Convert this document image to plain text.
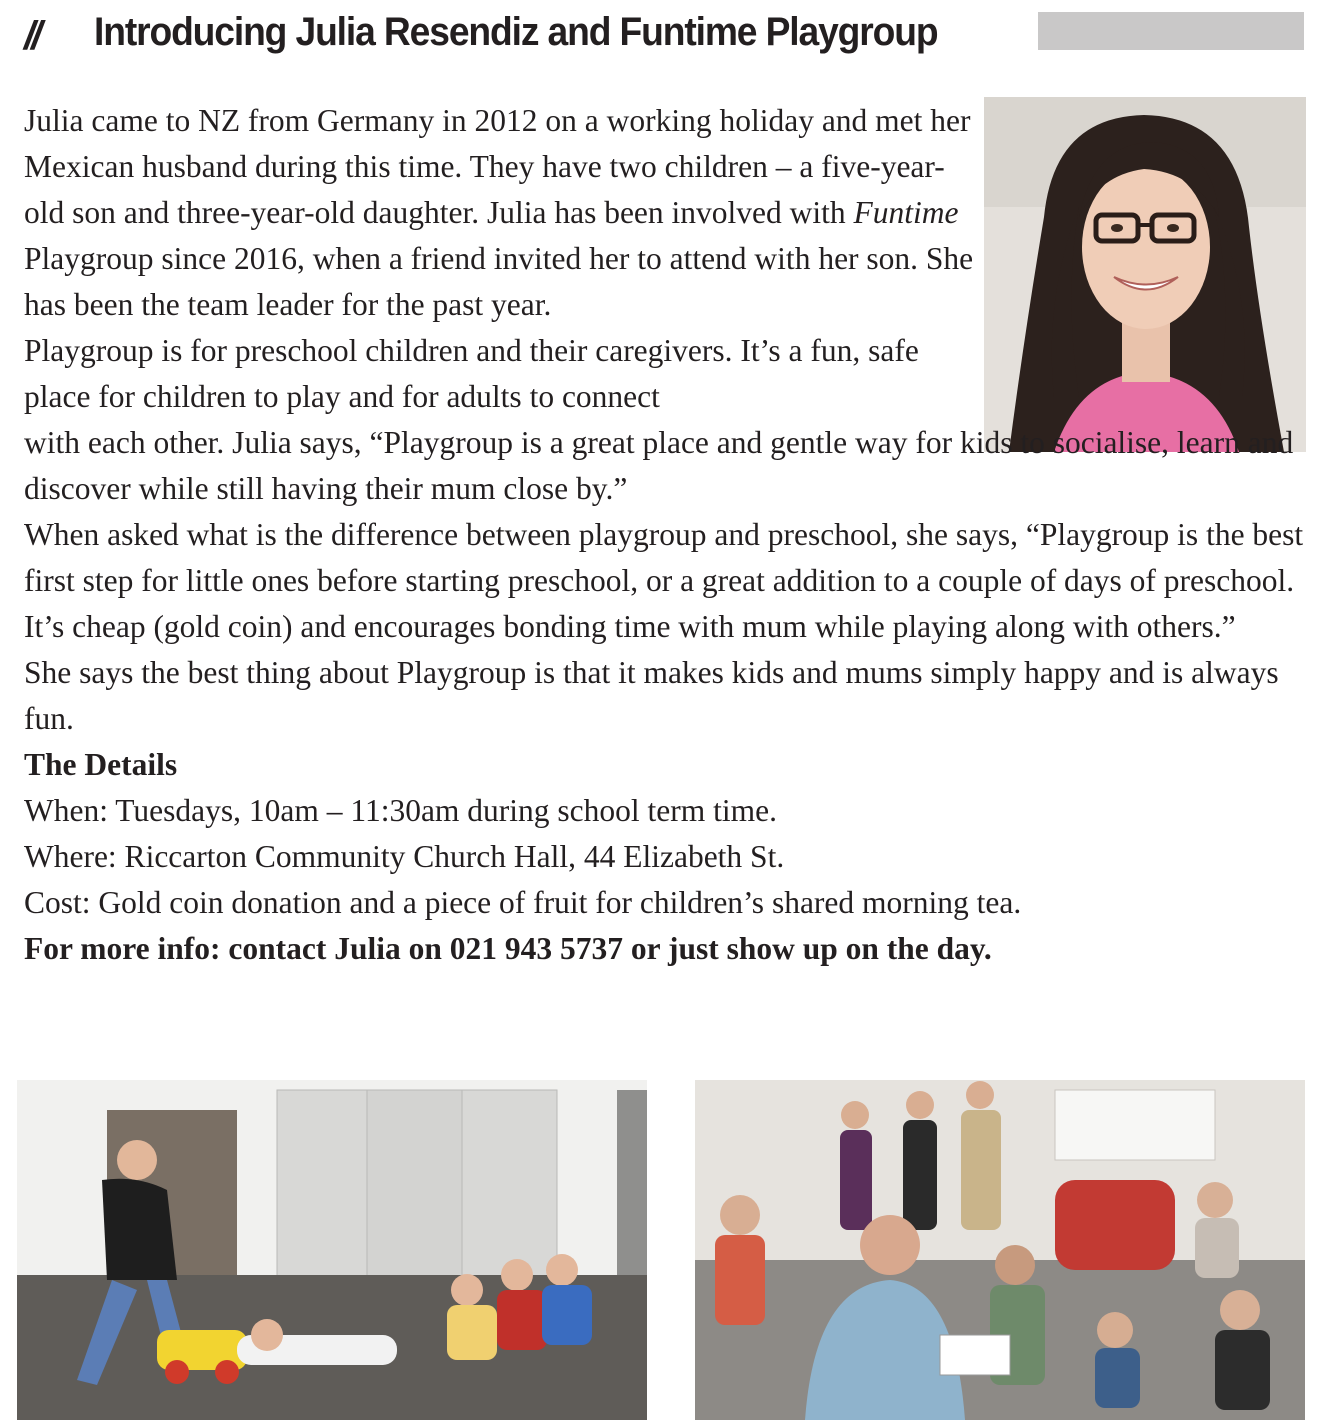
// Introducing Julia Resendiz and Funtime Playgroup

Julia came to NZ from Germany in 2012 on a working holiday and met her Mexican husband during this time. They have two children – a five-year-old son and three-year-old daughter. Julia has been involved with Funtime Playgroup since 2016, when a friend invited her to attend with her son. She has been the team leader for the past year.

Playgroup is for preschool children and their caregivers. It’s a fun, safe place for children to play and for adults to connect
with each other. Julia says, “Playgroup is a great place and gentle way for kids to socialise, learn and discover while still having their mum close by.”

When asked what is the difference between playgroup and preschool, she says, “Playgroup is the best first step for little ones before starting preschool, or a great addition to a couple of days of preschool. It’s cheap (gold coin) and encourages bonding time with mum while playing along with others.”

She says the best thing about Playgroup is that it makes kids and mums simply happy and is always fun.

The Details

When: Tuesdays, 10am – 11:30am during school term time.

Where: Riccarton Community Church Hall, 44 Elizabeth St.

Cost: Gold coin donation and a piece of fruit for children’s shared morning tea.

For more info: contact Julia on 021 943 5737 or just show up on the day.
